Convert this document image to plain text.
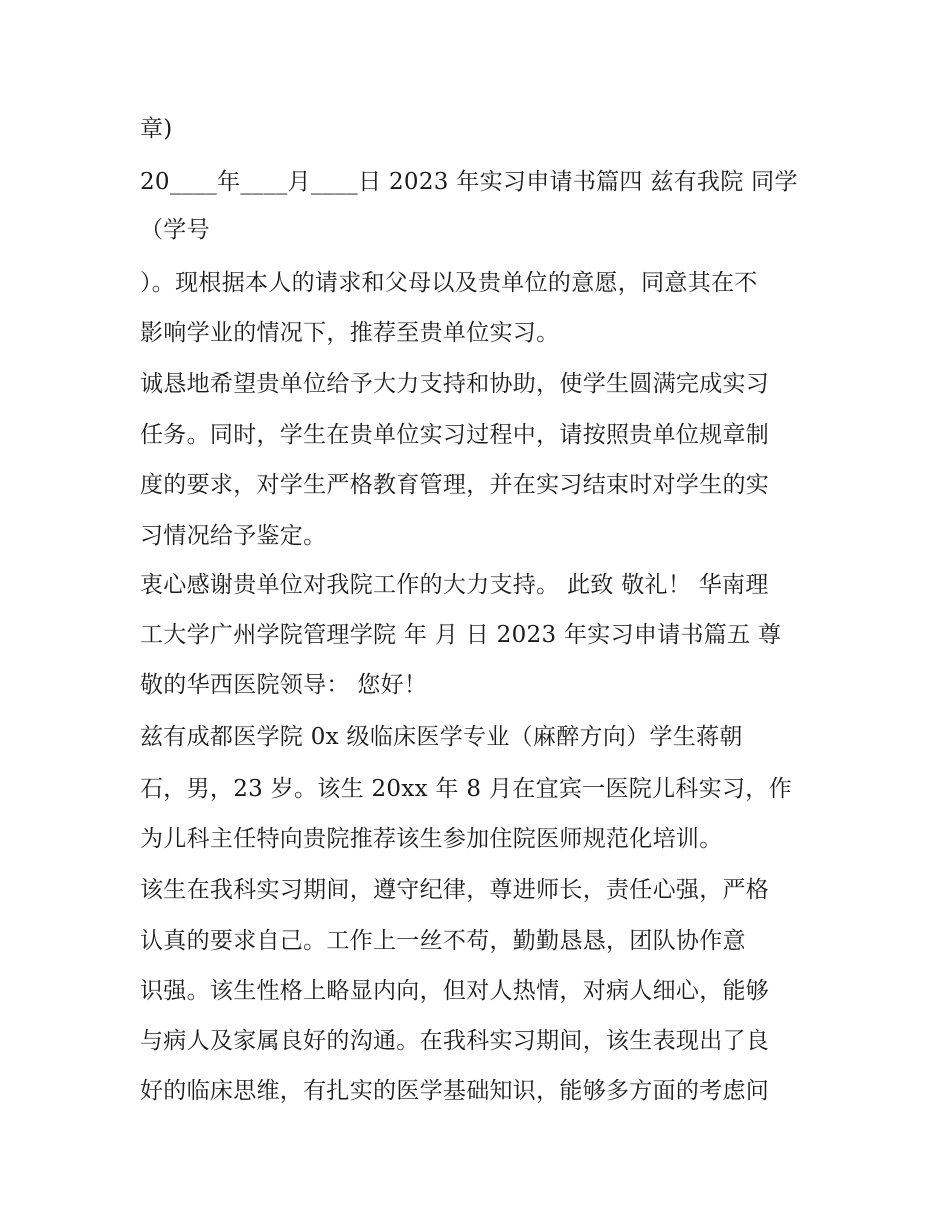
章)
20____年____月____日 2023 年实习申请书篇四 兹有我院 同学
（学号
）。现根据本人的请求和父母以及贵单位的意愿，同意其在不
影响学业的情况下，推荐至贵单位实习。
诚恳地希望贵单位给予大力支持和协助，使学生圆满完成实习
任务。同时，学生在贵单位实习过程中，请按照贵单位规章制
度的要求，对学生严格教育管理，并在实习结束时对学生的实
习情况给予鉴定。
衷心感谢贵单位对我院工作的大力支持。 此致 敬礼！ 华南理
工大学广州学院管理学院 年 月 日 2023 年实习申请书篇五 尊
敬的华西医院领导： 您好！
兹有成都医学院 0x 级临床医学专业（麻醉方向）学生蒋朝
石，男，23 岁。该生 20xx 年 8 月在宜宾一医院儿科实习，作
为儿科主任特向贵院推荐该生参加住院医师规范化培训。
该生在我科实习期间，遵守纪律，尊进师长，责任心强，严格
认真的要求自己。工作上一丝不苟，勤勤恳恳，团队协作意
识强。该生性格上略显内向，但对人热情，对病人细心，能够
与病人及家属良好的沟通。在我科实习期间，该生表现出了良
好的临床思维，有扎实的医学基础知识，能够多方面的考虑问
